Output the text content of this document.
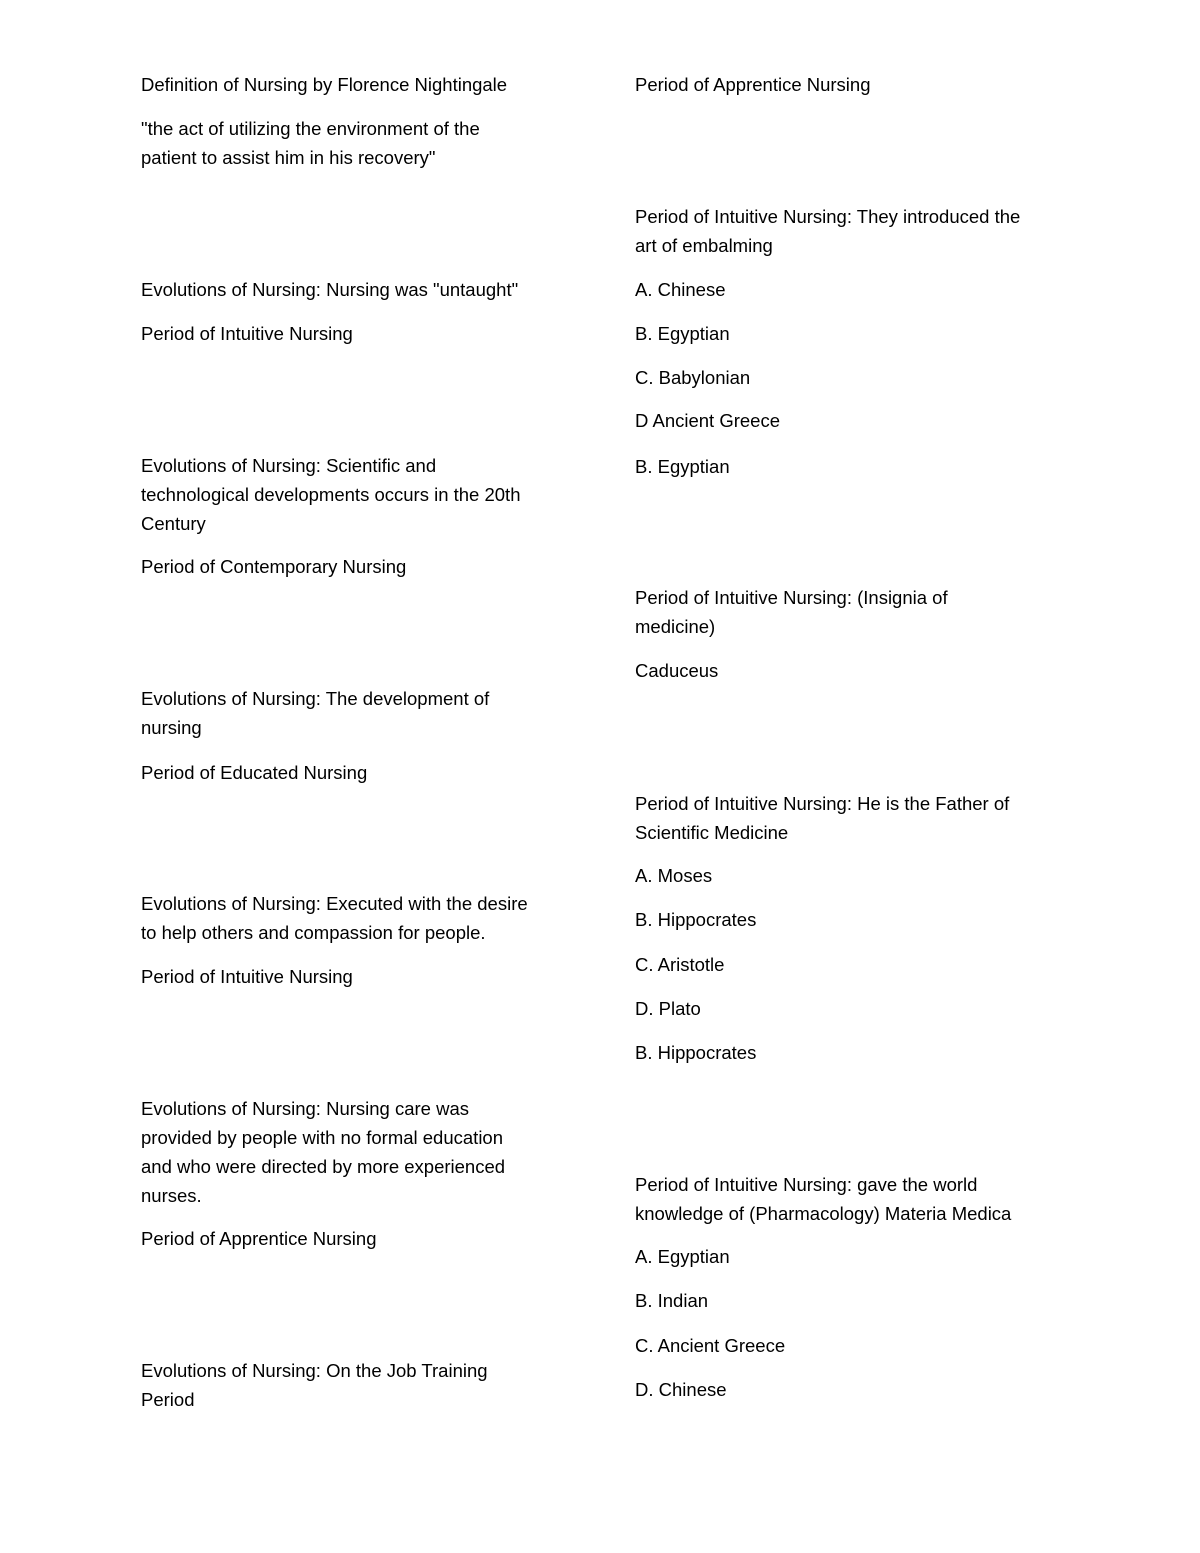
Definition of Nursing by Florence Nightingale

"the act of utilizing the environment of the

patient to assist him in his recovery"

Evolutions of Nursing: Nursing was "untaught"

Period of Intuitive Nursing

Evolutions of Nursing: Scientific and

technological developments occurs in the 20th

Century

Period of Contemporary Nursing

Evolutions of Nursing: The development of

nursing

Period of Educated Nursing

Evolutions of Nursing: Executed with the desire

to help others and compassion for people.

Period of Intuitive Nursing

Evolutions of Nursing: Nursing care was

provided by people with no formal education

and who were directed by more experienced

nurses.

Period of Apprentice Nursing

Evolutions of Nursing: On the Job Training

Period

Period of Apprentice Nursing

Period of Intuitive Nursing: They introduced the

art of embalming

A. Chinese

B. Egyptian

C. Babylonian

D Ancient Greece

B. Egyptian

Period of Intuitive Nursing: (Insignia of

medicine)

Caduceus

Period of Intuitive Nursing: He is the Father of

Scientific Medicine

A. Moses

B. Hippocrates

C. Aristotle

D. Plato

B. Hippocrates

Period of Intuitive Nursing: gave the world

knowledge of (Pharmacology) Materia Medica

A. Egyptian

B. Indian

C. Ancient Greece

D. Chinese
